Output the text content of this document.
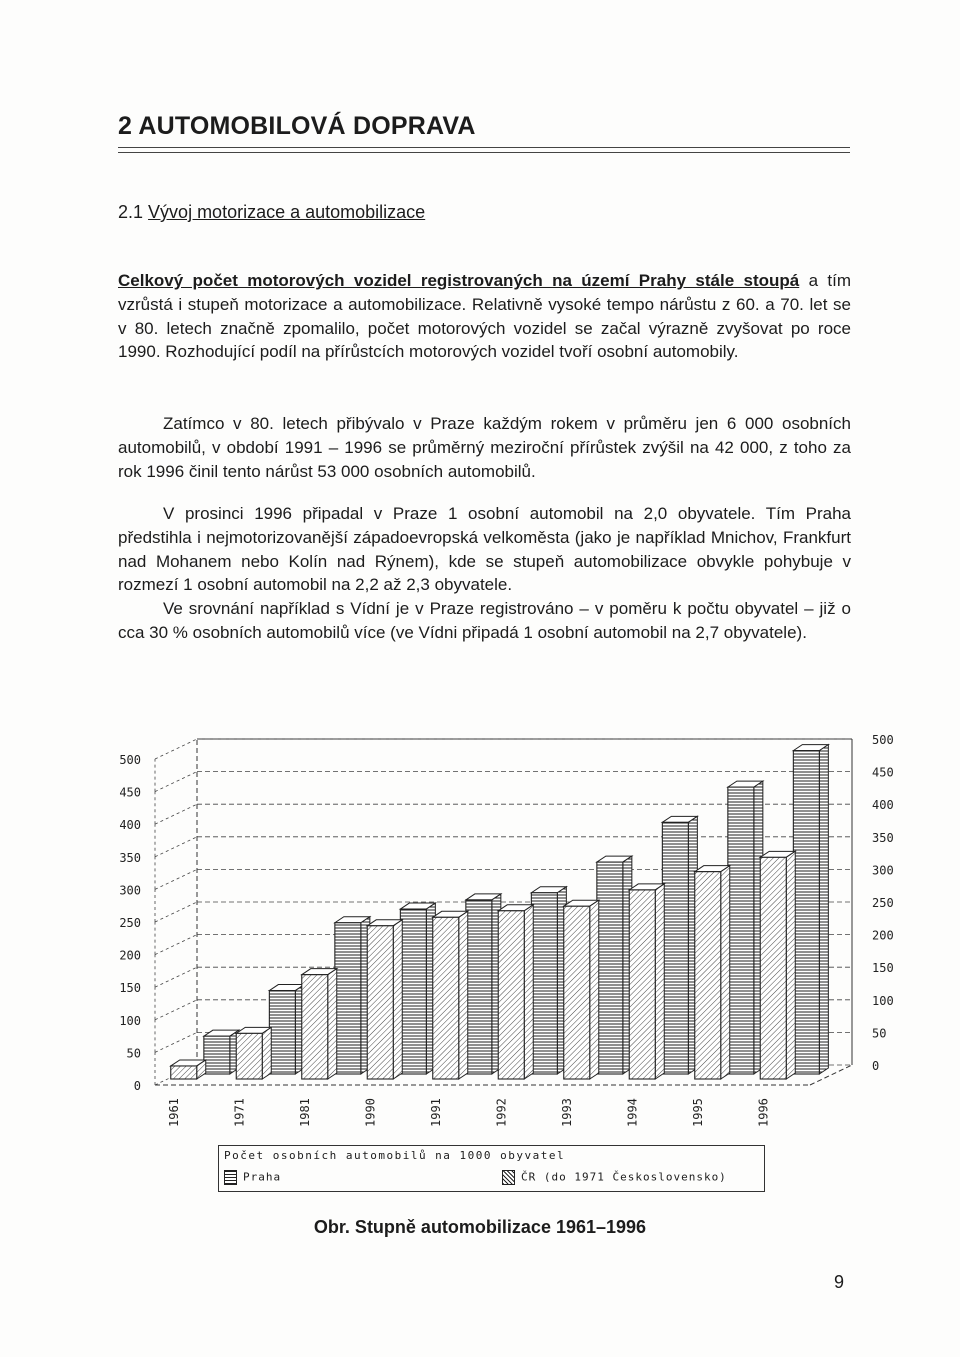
2 AUTOMOBILOVÁ DOPRAVA
2.1 Vývoj motorizace a automobilizace
Celkový počet motorových vozidel registrovaných na území Prahy stále stoupá a tím vzrůstá i stupeň motorizace a automobilizace. Relativně vysoké tempo nárůstu z 60. a 70. let se v 80. letech značně zpomalilo, počet motorových vozidel se začal výrazně zvyšovat po roce 1990. Rozhodující podíl na přírůstcích motorových vozidel tvoří osobní automobily.
Zatímco v 80. letech přibývalo v Praze každým rokem v průměru jen 6 000 osobních automobilů, v období 1991 – 1996 se průměrný meziroční přírůstek zvýšil na 42 000, z toho za rok 1996 činil tento nárůst 53 000 osobních automobilů.
V prosinci 1996 připadal v Praze 1 osobní automobil na 2,0 obyvatele. Tím Praha předstihla i nejmotorizovanější západoevropská velkoměsta (jako je například Mnichov, Frankfurt nad Mohanem nebo Kolín nad Rýnem), kde se stupeň automobilizace obvykle pohybuje v rozmezí 1 osobní automobil na 2,2 až 2,3 obyvatele.
Ve srovnání například s Vídní je v Praze registrováno – v poměru k počtu obyvatel – již o cca 30 % osobních automobilů více (ve Vídni připadá 1 osobní automobil na 2,7 obyvatele).
0
0
50
50
100
100
150
150
200
200
250
250
300
300
350
350
400
400
450
450
500
500
1961	1971	1981	1990	1991	1992	1993	1994	1995	1996
Počet osobních automobilů na 1000 obyvatel
Praha	ČR (do 1971 Československo)
Obr. Stupně automobilizace 1961–1996
9
